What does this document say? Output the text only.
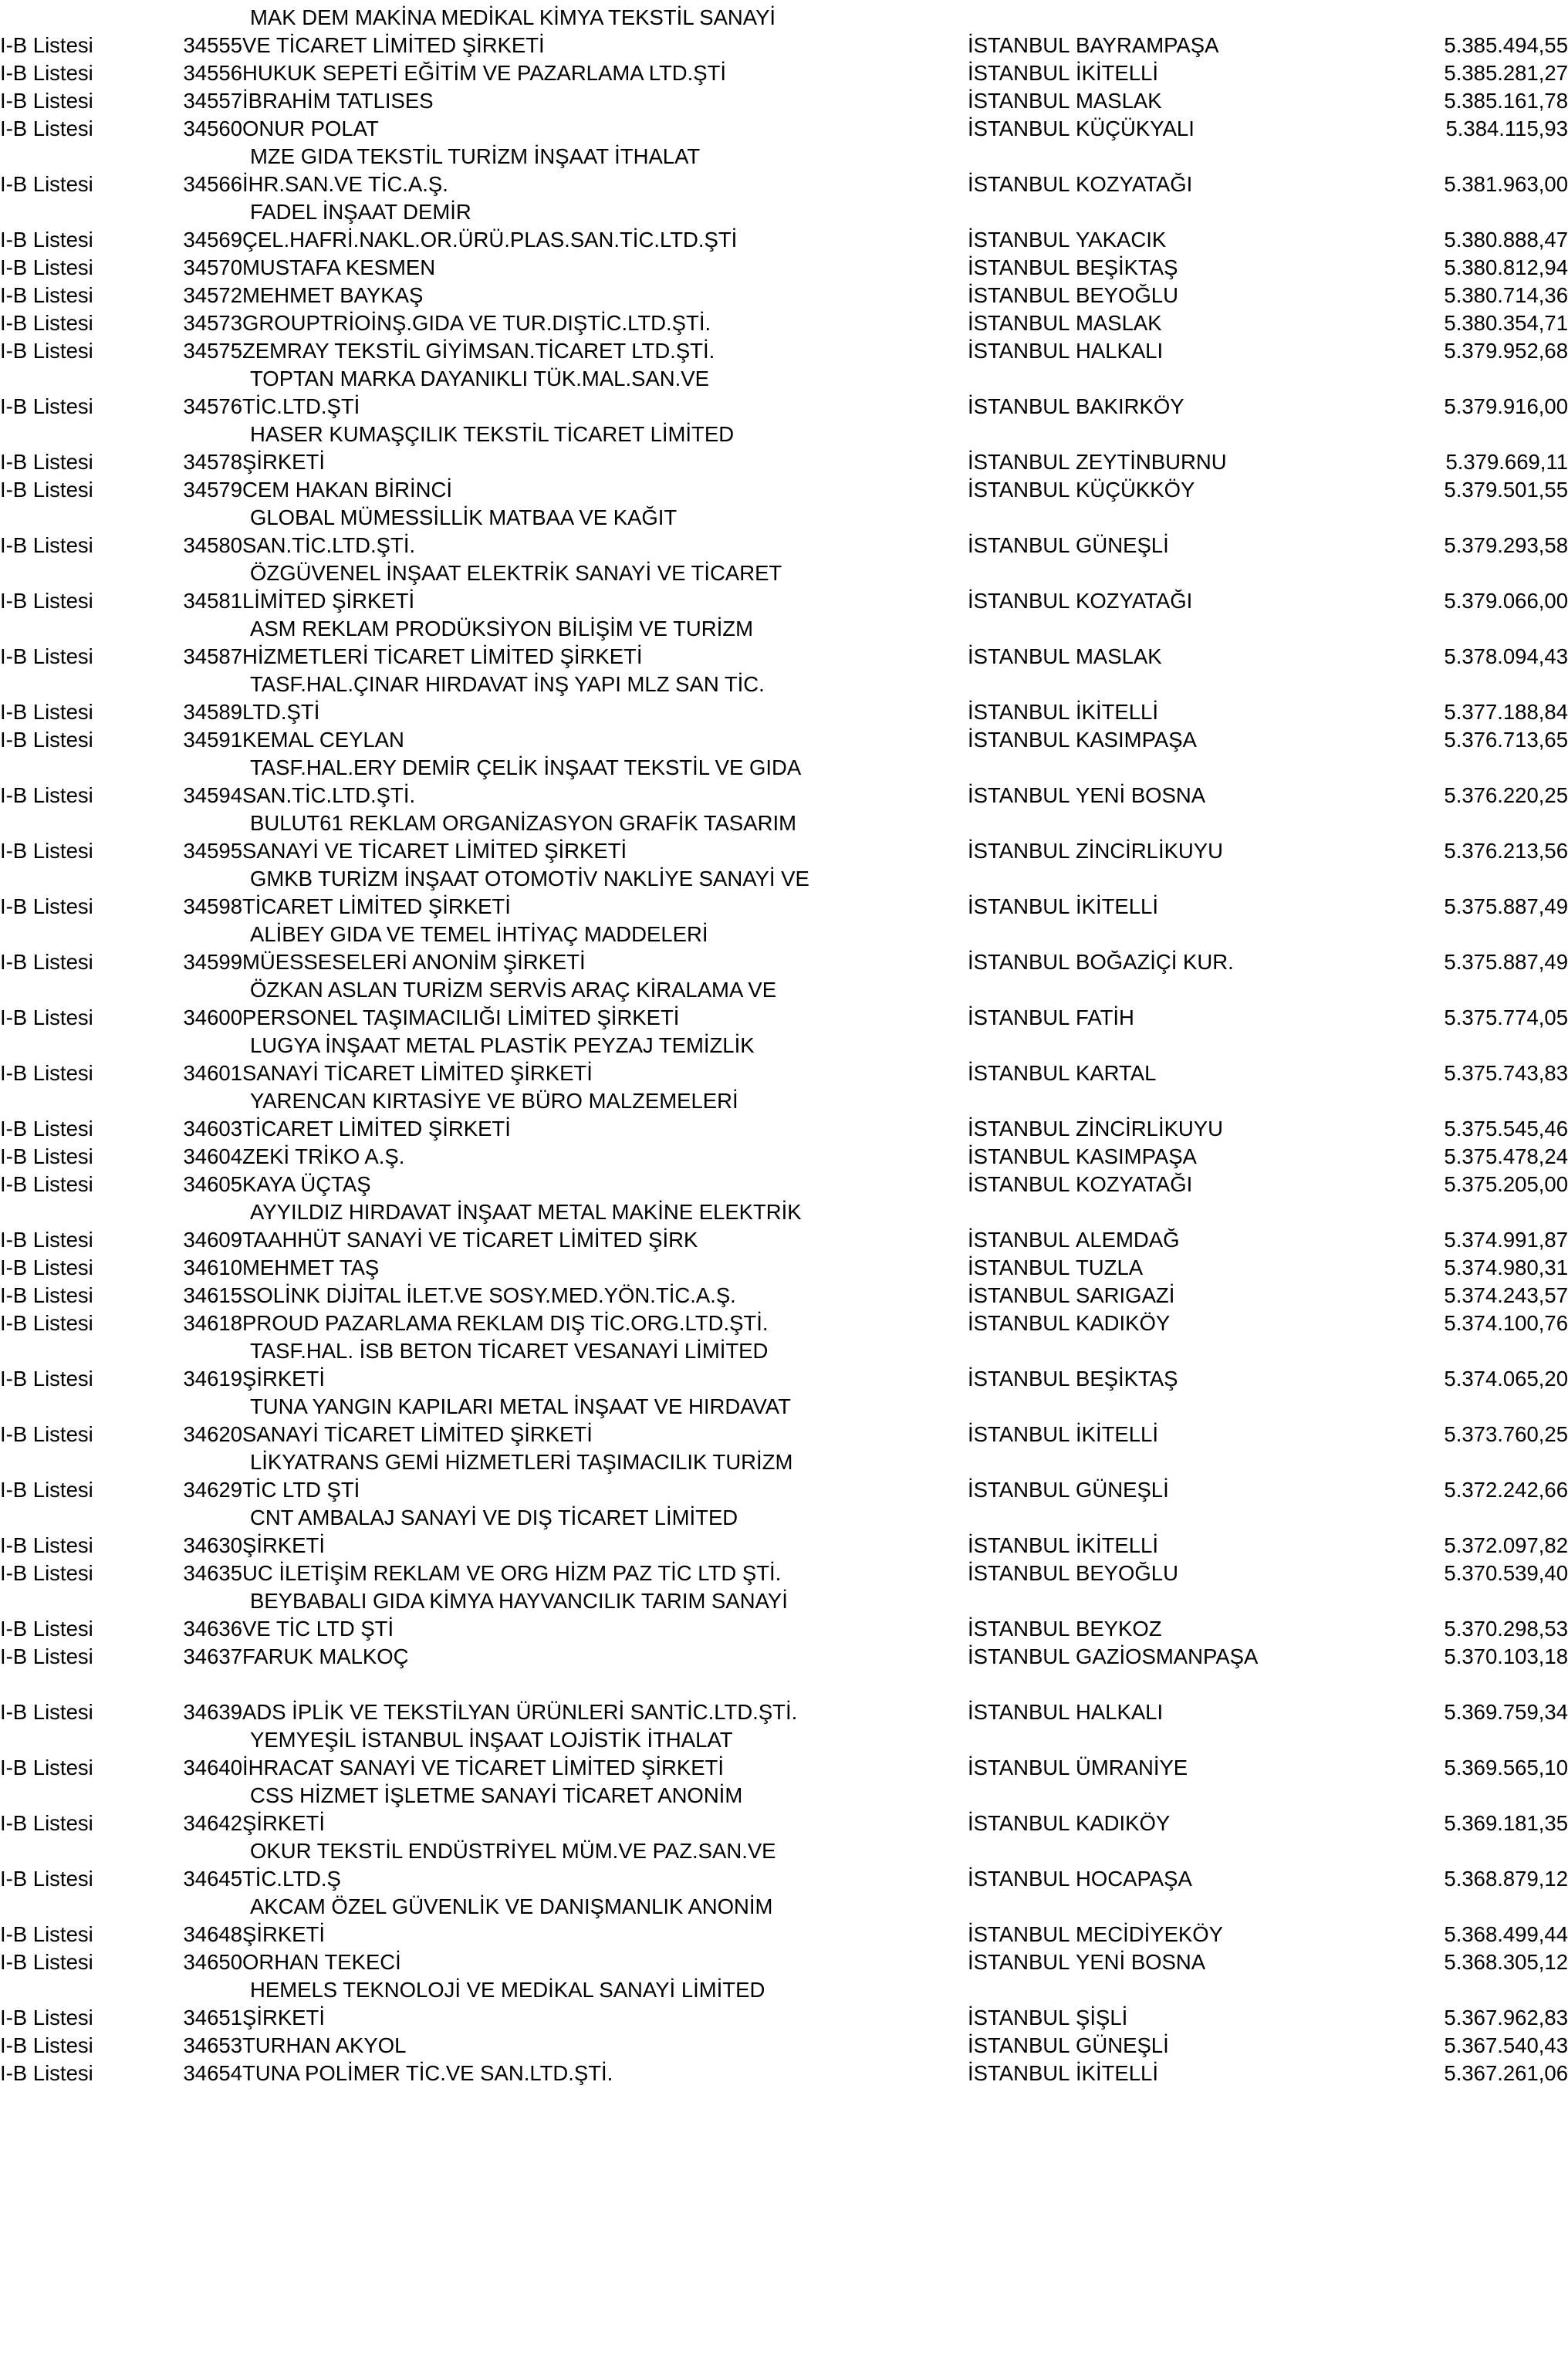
		MAK DEM MAKİNA MEDİKAL KİMYA TEKSTİL SANAYİ			
I-B Listesi	34555	VE TİCARET LİMİTED ŞİRKETİ	İSTANBUL	BAYRAMPAŞA	5.385.494,55
I-B Listesi	34556	HUKUK SEPETİ EĞİTİM VE PAZARLAMA LTD.ŞTİ	İSTANBUL	İKİTELLİ	5.385.281,27
I-B Listesi	34557	İBRAHİM TATLISES	İSTANBUL	MASLAK	5.385.161,78
I-B Listesi	34560	ONUR POLAT	İSTANBUL	KÜÇÜKYALI	5.384.115,93
		MZE GIDA TEKSTİL TURİZM İNŞAAT İTHALAT			
I-B Listesi	34566	İHR.SAN.VE TİC.A.Ş.	İSTANBUL	KOZYATAĞI	5.381.963,00
		FADEL İNŞAAT DEMİR			
I-B Listesi	34569	ÇEL.HAFRİ.NAKL.OR.ÜRÜ.PLAS.SAN.TİC.LTD.ŞTİ	İSTANBUL	YAKACIK	5.380.888,47
I-B Listesi	34570	MUSTAFA KESMEN	İSTANBUL	BEŞİKTAŞ	5.380.812,94
I-B Listesi	34572	MEHMET BAYKAŞ	İSTANBUL	BEYOĞLU	5.380.714,36
I-B Listesi	34573	GROUPTRİOİNŞ.GIDA VE TUR.DIŞTİC.LTD.ŞTİ.	İSTANBUL	MASLAK	5.380.354,71
I-B Listesi	34575	ZEMRAY TEKSTİL GİYİMSAN.TİCARET LTD.ŞTİ.	İSTANBUL	HALKALI	5.379.952,68
		TOPTAN MARKA DAYANIKLI TÜK.MAL.SAN.VE			
I-B Listesi	34576	TİC.LTD.ŞTİ	İSTANBUL	BAKIRKÖY	5.379.916,00
		HASER KUMAŞÇILIK TEKSTİL TİCARET LİMİTED			
I-B Listesi	34578	ŞİRKETİ	İSTANBUL	ZEYTİNBURNU	5.379.669,11
I-B Listesi	34579	CEM HAKAN BİRİNCİ	İSTANBUL	KÜÇÜKKÖY	5.379.501,55
		GLOBAL MÜMESSİLLİK MATBAA VE KAĞIT			
I-B Listesi	34580	SAN.TİC.LTD.ŞTİ.	İSTANBUL	GÜNEŞLİ	5.379.293,58
		ÖZGÜVENEL İNŞAAT ELEKTRİK SANAYİ VE TİCARET			
I-B Listesi	34581	LİMİTED ŞİRKETİ	İSTANBUL	KOZYATAĞI	5.379.066,00
		ASM REKLAM PRODÜKSİYON BİLİŞİM VE TURİZM			
I-B Listesi	34587	HİZMETLERİ TİCARET LİMİTED ŞİRKETİ	İSTANBUL	MASLAK	5.378.094,43
		TASF.HAL.ÇINAR HIRDAVAT İNŞ YAPI MLZ SAN TİC.			
I-B Listesi	34589	LTD.ŞTİ	İSTANBUL	İKİTELLİ	5.377.188,84
I-B Listesi	34591	KEMAL CEYLAN	İSTANBUL	KASIMPAŞA	5.376.713,65
		TASF.HAL.ERY DEMİR ÇELİK İNŞAAT TEKSTİL VE GIDA			
I-B Listesi	34594	SAN.TİC.LTD.ŞTİ.	İSTANBUL	YENİ BOSNA	5.376.220,25
		BULUT61 REKLAM ORGANİZASYON GRAFİK TASARIM			
I-B Listesi	34595	SANAYİ VE TİCARET LİMİTED ŞİRKETİ	İSTANBUL	ZİNCİRLİKUYU	5.376.213,56
		GMKB TURİZM İNŞAAT OTOMOTİV NAKLİYE SANAYİ VE			
I-B Listesi	34598	TİCARET LİMİTED ŞİRKETİ	İSTANBUL	İKİTELLİ	5.375.887,49
		ALİBEY GIDA VE TEMEL İHTİYAÇ MADDELERİ			
I-B Listesi	34599	MÜESSESELERİ ANONİM ŞİRKETİ	İSTANBUL	BOĞAZİÇİ KUR.	5.375.887,49
		ÖZKAN ASLAN TURİZM SERVİS ARAÇ KİRALAMA VE			
I-B Listesi	34600	PERSONEL TAŞIMACILIĞI LİMİTED ŞİRKETİ	İSTANBUL	FATİH	5.375.774,05
		LUGYA İNŞAAT METAL PLASTİK PEYZAJ TEMİZLİK			
I-B Listesi	34601	SANAYİ TİCARET LİMİTED ŞİRKETİ	İSTANBUL	KARTAL	5.375.743,83
		YARENCAN KIRTASİYE VE BÜRO MALZEMELERİ			
I-B Listesi	34603	TİCARET LİMİTED ŞİRKETİ	İSTANBUL	ZİNCİRLİKUYU	5.375.545,46
I-B Listesi	34604	ZEKİ TRİKO A.Ş.	İSTANBUL	KASIMPAŞA	5.375.478,24
I-B Listesi	34605	KAYA ÜÇTAŞ	İSTANBUL	KOZYATAĞI	5.375.205,00
		AYYILDIZ HIRDAVAT İNŞAAT METAL MAKİNE ELEKTRİK			
I-B Listesi	34609	TAAHHÜT SANAYİ VE TİCARET LİMİTED ŞİRK	İSTANBUL	ALEMDAĞ	5.374.991,87
I-B Listesi	34610	MEHMET TAŞ	İSTANBUL	TUZLA	5.374.980,31
I-B Listesi	34615	SOLİNK DİJİTAL İLET.VE SOSY.MED.YÖN.TİC.A.Ş.	İSTANBUL	SARIGAZİ	5.374.243,57
I-B Listesi	34618	PROUD PAZARLAMA REKLAM DIŞ TİC.ORG.LTD.ŞTİ.	İSTANBUL	KADIKÖY	5.374.100,76
		TASF.HAL. İSB BETON TİCARET VESANAYİ LİMİTED			
I-B Listesi	34619	ŞİRKETİ	İSTANBUL	BEŞİKTAŞ	5.374.065,20
		TUNA YANGIN KAPILARI METAL İNŞAAT VE HIRDAVAT			
I-B Listesi	34620	SANAYİ TİCARET LİMİTED ŞİRKETİ	İSTANBUL	İKİTELLİ	5.373.760,25
		LİKYATRANS GEMİ HİZMETLERİ TAŞIMACILIK TURİZM			
I-B Listesi	34629	TİC LTD ŞTİ	İSTANBUL	GÜNEŞLİ	5.372.242,66
		CNT AMBALAJ SANAYİ VE DIŞ TİCARET LİMİTED			
I-B Listesi	34630	ŞİRKETİ	İSTANBUL	İKİTELLİ	5.372.097,82
I-B Listesi	34635	UC İLETİŞİM REKLAM VE ORG HİZM PAZ TİC LTD ŞTİ.	İSTANBUL	BEYOĞLU	5.370.539,40
		BEYBABALI GIDA KİMYA HAYVANCILIK TARIM SANAYİ			
I-B Listesi	34636	VE TİC LTD ŞTİ	İSTANBUL	BEYKOZ	5.370.298,53
I-B Listesi	34637	FARUK MALKOÇ	İSTANBUL	GAZİOSMANPAŞA	5.370.103,18

I-B Listesi	34639	ADS İPLİK VE TEKSTİLYAN ÜRÜNLERİ SANTİC.LTD.ŞTİ.	İSTANBUL	HALKALI	5.369.759,34
		YEMYEŞİL İSTANBUL İNŞAAT LOJİSTİK İTHALAT			
I-B Listesi	34640	İHRACAT SANAYİ VE TİCARET LİMİTED ŞİRKETİ	İSTANBUL	ÜMRANİYE	5.369.565,10
		CSS HİZMET İŞLETME SANAYİ TİCARET ANONİM			
I-B Listesi	34642	ŞİRKETİ	İSTANBUL	KADIKÖY	5.369.181,35
		OKUR TEKSTİL ENDÜSTRİYEL MÜM.VE PAZ.SAN.VE			
I-B Listesi	34645	TİC.LTD.Ş	İSTANBUL	HOCAPAŞA	5.368.879,12
		AKCAM ÖZEL GÜVENLİK VE DANIŞMANLIK ANONİM			
I-B Listesi	34648	ŞİRKETİ	İSTANBUL	MECİDİYEKÖY	5.368.499,44
I-B Listesi	34650	ORHAN TEKECİ	İSTANBUL	YENİ BOSNA	5.368.305,12
		HEMELS TEKNOLOJİ VE MEDİKAL SANAYİ LİMİTED			
I-B Listesi	34651	ŞİRKETİ	İSTANBUL	ŞİŞLİ	5.367.962,83
I-B Listesi	34653	TURHAN AKYOL	İSTANBUL	GÜNEŞLİ	5.367.540,43
I-B Listesi	34654	TUNA POLİMER TİC.VE SAN.LTD.ŞTİ.	İSTANBUL	İKİTELLİ	5.367.261,06
